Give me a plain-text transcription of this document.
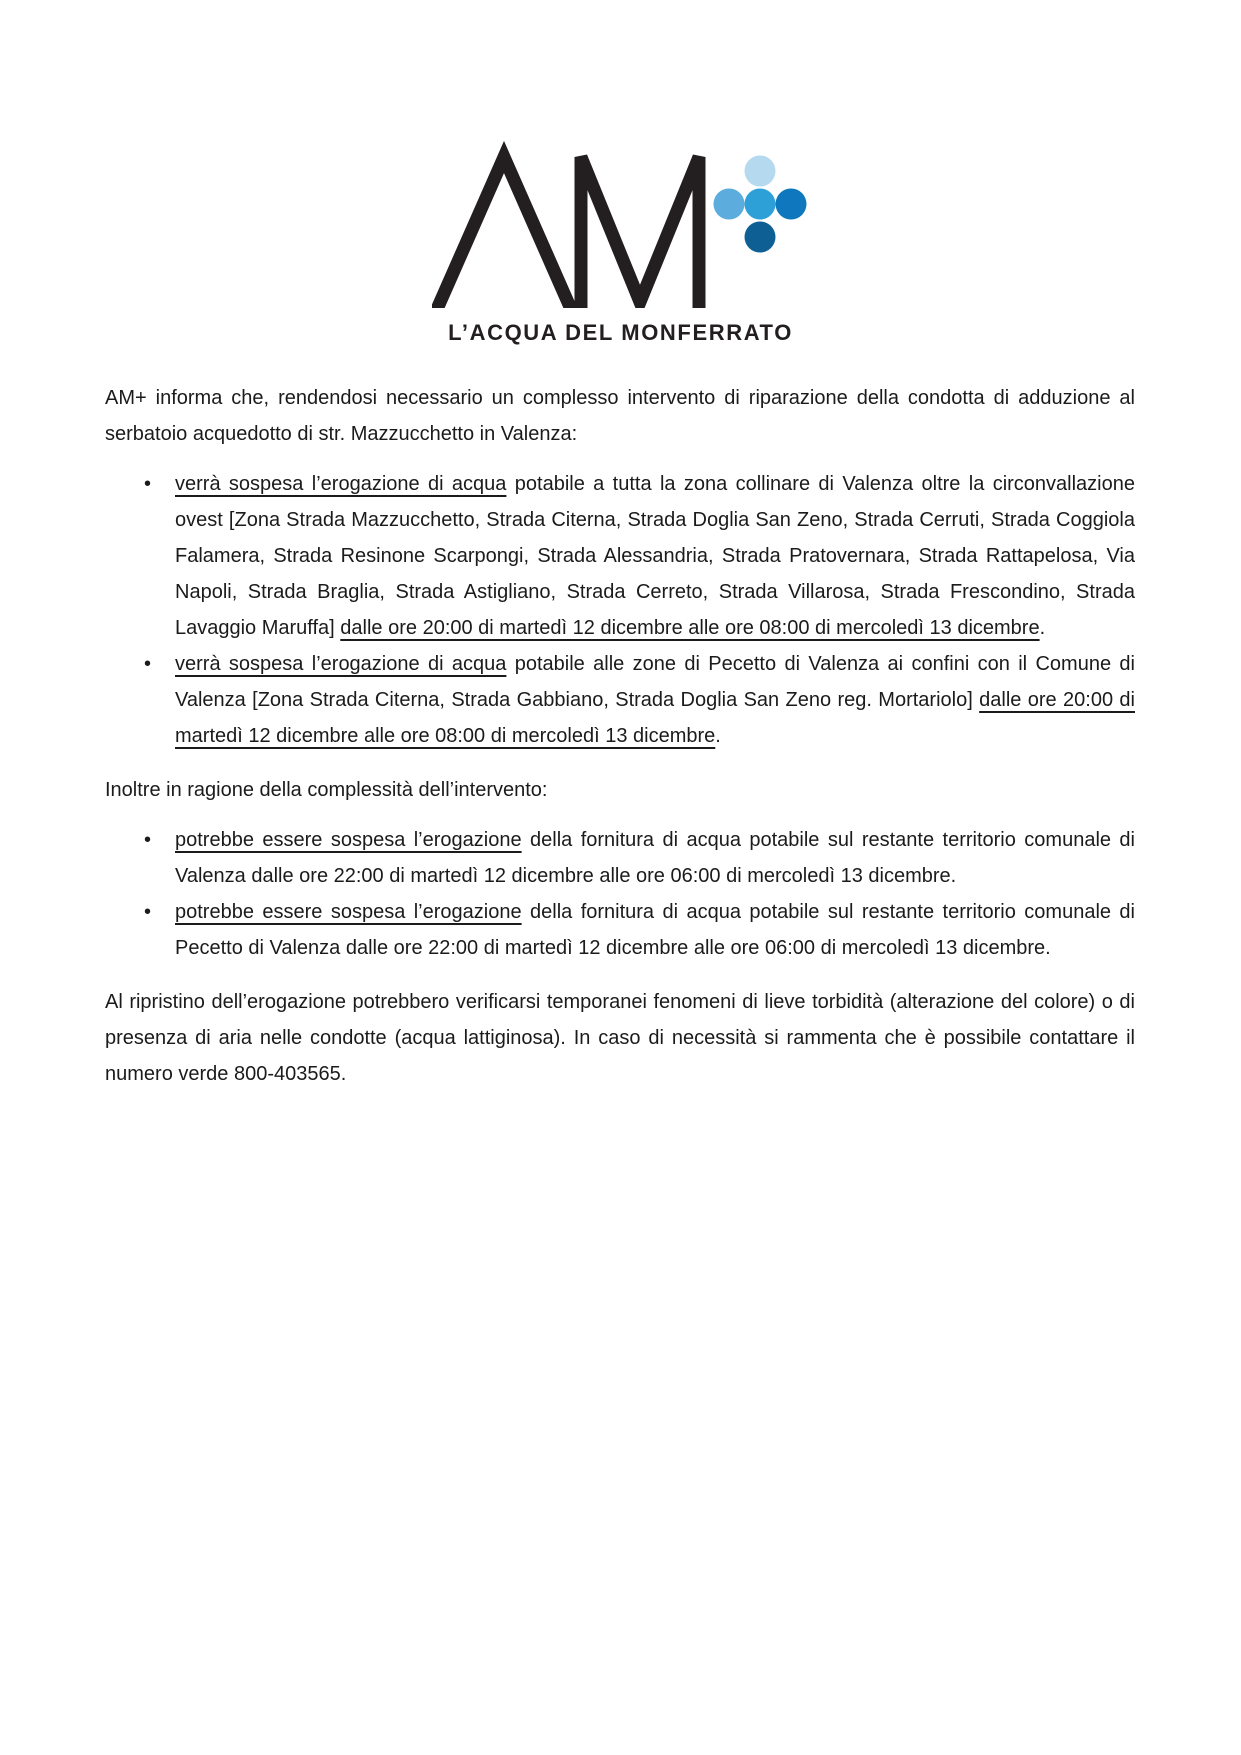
L’ACQUA DEL MONFERRATO

AM+ informa che, rendendosi necessario un complesso intervento di riparazione della condotta di adduzione al serbatoio acquedotto di str. Mazzucchetto in Valenza:

• verrà sospesa l’erogazione di acqua potabile a tutta la zona collinare di Valenza oltre la circonvallazione ovest [Zona Strada Mazzucchetto, Strada Citerna, Strada Doglia San Zeno, Strada Cerruti, Strada Coggiola Falamera, Strada Resinone Scarpongi, Strada Alessandria, Strada Pratovernara, Strada Rattapelosa, Via Napoli, Strada Braglia, Strada Astigliano, Strada Cerreto, Strada Villarosa, Strada Frescondino, Strada Lavaggio Maruffa] dalle ore 20:00 di martedì 12 dicembre alle ore 08:00 di mercoledì 13 dicembre.
• verrà sospesa l’erogazione di acqua potabile alle zone di Pecetto di Valenza ai confini con il Comune di Valenza [Zona Strada Citerna, Strada Gabbiano, Strada Doglia San Zeno reg. Mortariolo] dalle ore 20:00 di martedì 12 dicembre alle ore 08:00 di mercoledì 13 dicembre.

Inoltre in ragione della complessità dell’intervento:

• potrebbe essere sospesa l’erogazione della fornitura di acqua potabile sul restante territorio comunale di Valenza dalle ore 22:00 di martedì 12 dicembre alle ore 06:00 di mercoledì 13 dicembre.
• potrebbe essere sospesa l’erogazione della fornitura di acqua potabile sul restante territorio comunale di Pecetto di Valenza dalle ore 22:00 di martedì 12 dicembre alle ore 06:00 di mercoledì 13 dicembre.

Al ripristino dell’erogazione potrebbero verificarsi temporanei fenomeni di lieve torbidità (alterazione del colore) o di presenza di aria nelle condotte (acqua lattiginosa). In caso di necessità si rammenta che è possibile contattare il numero verde 800-403565.
